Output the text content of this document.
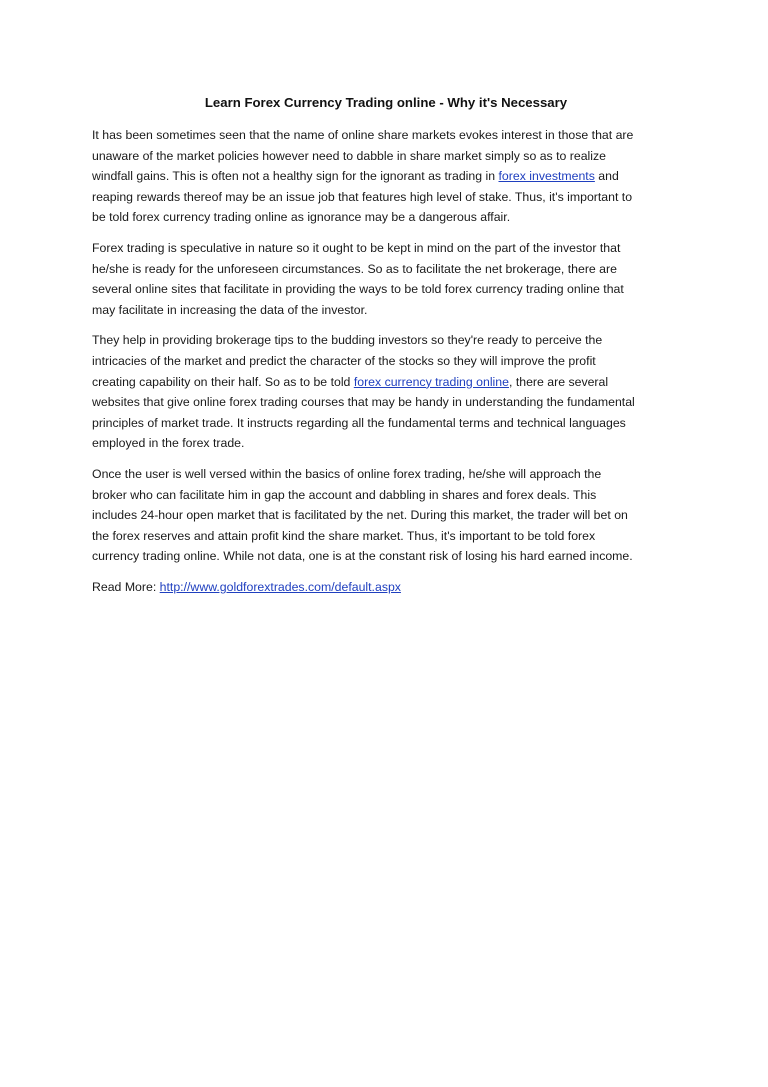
Learn Forex Currency Trading online - Why it's Necessary

It has been sometimes seen that the name of online share markets evokes interest in those that are
unaware of the market policies however need to dabble in share market simply so as to realize
windfall gains. This is often not a healthy sign for the ignorant as trading in forex investments and
reaping rewards thereof may be an issue job that features high level of stake. Thus, it's important to
be told forex currency trading online as ignorance may be a dangerous affair.

Forex trading is speculative in nature so it ought to be kept in mind on the part of the investor that
he/she is ready for the unforeseen circumstances. So as to facilitate the net brokerage, there are
several online sites that facilitate in providing the ways to be told forex currency trading online that
may facilitate in increasing the data of the investor.

They help in providing brokerage tips to the budding investors so they're ready to perceive the
intricacies of the market and predict the character of the stocks so they will improve the profit
creating capability on their half. So as to be told forex currency trading online, there are several
websites that give online forex trading courses that may be handy in understanding the fundamental
principles of market trade. It instructs regarding all the fundamental terms and technical languages
employed in the forex trade.

Once the user is well versed within the basics of online forex trading, he/she will approach the
broker who can facilitate him in gap the account and dabbling in shares and forex deals. This
includes 24-hour open market that is facilitated by the net. During this market, the trader will bet on
the forex reserves and attain profit kind the share market. Thus, it's important to be told forex
currency trading online. While not data, one is at the constant risk of losing his hard earned income.

Read More: http://www.goldforextrades.com/default.aspx
